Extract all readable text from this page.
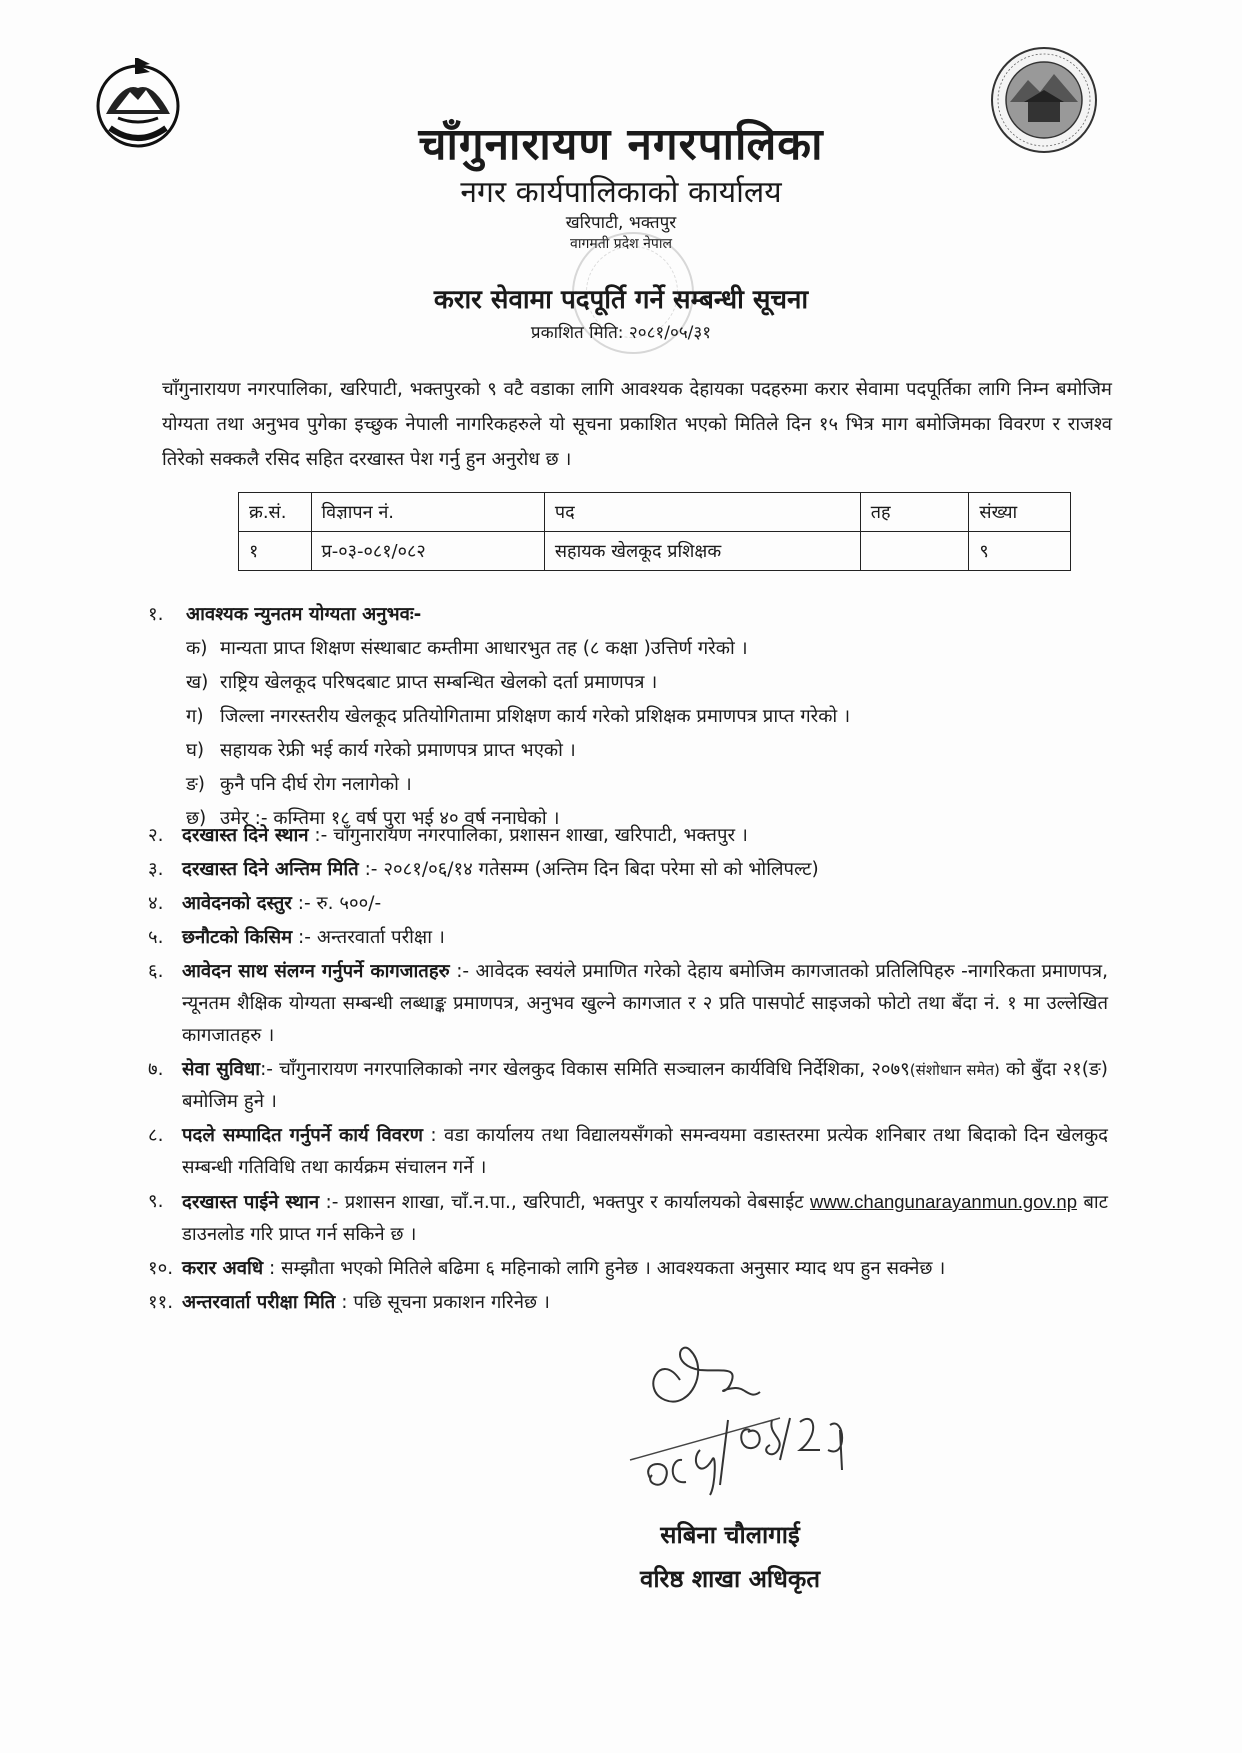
चाँगुनारायण नगरपालिका
नगर कार्यपालिकाको कार्यालय
खरिपाटी, भक्तपुर
वागमती प्रदेश नेपाल
करार सेवामा पदपूर्ति गर्ने सम्बन्धी सूचना
प्रकाशित मिति: २०८१/०५/३१
चाँगुनारायण नगरपालिका, खरिपाटी, भक्तपुरको ९ वटै वडाका लागि आवश्यक देहायका पदहरुमा करार सेवामा पदपूर्तिका लागि निम्न बमोजिम योग्यता तथा अनुभव पुगेका इच्छुक नेपाली नागरिकहरुले यो सूचना प्रकाशित भएको मितिले दिन १५ भित्र माग बमोजिमका विवरण र राजश्व तिरेको सक्कलै रसिद सहित दरखास्त पेश गर्नु हुन अनुरोध छ ।
क्र.सं.	विज्ञापन नं.	पद	तह	संख्या
१	प्र-०३-०८१/०८२	सहायक खेलकूद प्रशिक्षक		९
१.	आवश्यक न्युनतम योग्यता अनुभवः-
क) मान्यता प्राप्त शिक्षण संस्थाबाट कम्तीमा आधारभुत तह (८ कक्षा )उत्तिर्ण गरेको ।
ख) राष्ट्रिय खेलकूद परिषदबाट प्राप्त सम्बन्धित खेलको दर्ता प्रमाणपत्र ।
ग) जिल्ला नगरस्तरीय खेलकूद प्रतियोगितामा प्रशिक्षण कार्य गरेको प्रशिक्षक प्रमाणपत्र प्राप्त गरेको ।
घ) सहायक रेफ्री भई कार्य गरेको प्रमाणपत्र प्राप्त भएको ।
ङ) कुनै पनि दीर्घ रोग नलागेको ।
छ) उमेर :- कम्तिमा १८ वर्ष पुरा भई ४० वर्ष ननाघेको ।
२. दरखास्त दिने स्थान :- चाँगुनारायण नगरपालिका, प्रशासन शाखा, खरिपाटी, भक्तपुर ।
३. दरखास्त दिने अन्तिम मिति :- २०८१/०६/१४ गतेसम्म (अन्तिम दिन बिदा परेमा सो को भोलिपल्ट)
४. आवेदनको दस्तुर :- रु. ५००/-
५. छनौटको किसिम :- अन्तरवार्ता परीक्षा ।
६. आवेदन साथ संलग्न गर्नुपर्ने कागजातहरु :- आवेदक स्वयंले प्रमाणित गरेको देहाय बमोजिम कागजातको प्रतिलिपिहरु -नागरिकता प्रमाणपत्र, न्यूनतम शैक्षिक योग्यता सम्बन्धी लब्धाङ्क प्रमाणपत्र, अनुभव खुल्ने कागजात र २ प्रति पासपोर्ट साइजको फोटो तथा बँदा नं. १ मा उल्लेखित कागजातहरु ।
७. सेवा सुविधा:- चाँगुनारायण नगरपालिकाको नगर खेलकुद विकास समिति सञ्चालन कार्यविधि निर्देशिका, २०७९(संशोधान समेत) को बुँदा २१(ङ) बमोजिम हुने ।
८. पदले सम्पादित गर्नुपर्ने कार्य विवरण : वडा कार्यालय तथा विद्यालयसँगको समन्वयमा वडास्तरमा प्रत्येक शनिबार तथा बिदाको दिन खेलकुद सम्बन्धी गतिविधि तथा कार्यक्रम संचालन गर्ने ।
९. दरखास्त पाईने स्थान :- प्रशासन शाखा, चाँ.न.पा., खरिपाटी, भक्तपुर र कार्यालयको वेबसाईट www.changunarayanmun.gov.np बाट डाउनलोड गरि प्राप्त गर्न सकिने छ ।
१०. करार अवधि : सम्झौता भएको मितिले बढिमा ६ महिनाको लागि हुनेछ । आवश्यकता अनुसार म्याद थप हुन सक्नेछ ।
११. अन्तरवार्ता परीक्षा मिति : पछि सूचना प्रकाशन गरिनेछ ।
सबिना चौलागाई
वरिष्ठ शाखा अधिकृत
